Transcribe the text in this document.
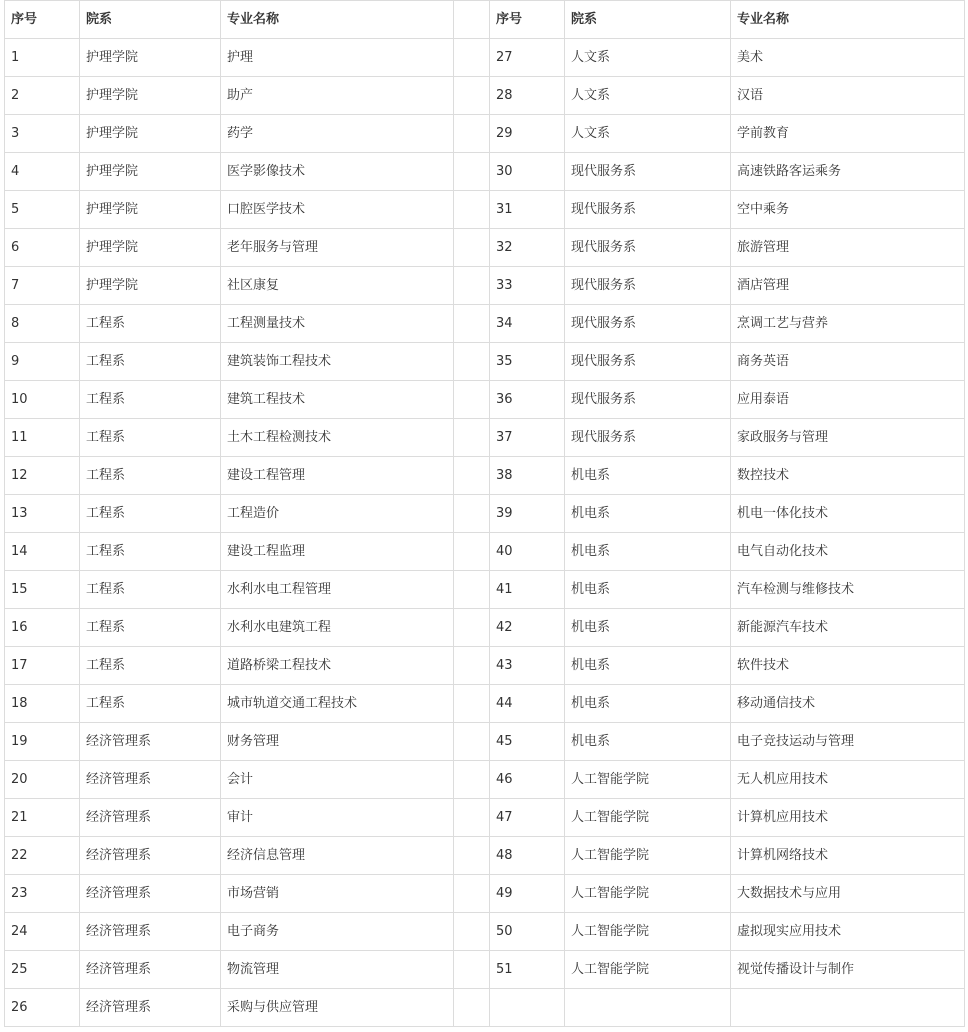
序号	院系	专业名称		序号	院系	专业名称
1	护理学院	护理		27	人文系	美术
2	护理学院	助产		28	人文系	汉语
3	护理学院	药学		29	人文系	学前教育
4	护理学院	医学影像技术		30	现代服务系	高速铁路客运乘务
5	护理学院	口腔医学技术		31	现代服务系	空中乘务
6	护理学院	老年服务与管理		32	现代服务系	旅游管理
7	护理学院	社区康复		33	现代服务系	酒店管理
8	工程系	工程测量技术		34	现代服务系	烹调工艺与营养
9	工程系	建筑装饰工程技术		35	现代服务系	商务英语
10	工程系	建筑工程技术		36	现代服务系	应用泰语
11	工程系	土木工程检测技术		37	现代服务系	家政服务与管理
12	工程系	建设工程管理		38	机电系	数控技术
13	工程系	工程造价		39	机电系	机电一体化技术
14	工程系	建设工程监理		40	机电系	电气自动化技术
15	工程系	水利水电工程管理		41	机电系	汽车检测与维修技术
16	工程系	水利水电建筑工程		42	机电系	新能源汽车技术
17	工程系	道路桥梁工程技术		43	机电系	软件技术
18	工程系	城市轨道交通工程技术		44	机电系	移动通信技术
19	经济管理系	财务管理		45	机电系	电子竞技运动与管理
20	经济管理系	会计		46	人工智能学院	无人机应用技术
21	经济管理系	审计		47	人工智能学院	计算机应用技术
22	经济管理系	经济信息管理		48	人工智能学院	计算机网络技术
23	经济管理系	市场营销		49	人工智能学院	大数据技术与应用
24	经济管理系	电子商务		50	人工智能学院	虚拟现实应用技术
25	经济管理系	物流管理		51	人工智能学院	视觉传播设计与制作
26	经济管理系	采购与供应管理				
